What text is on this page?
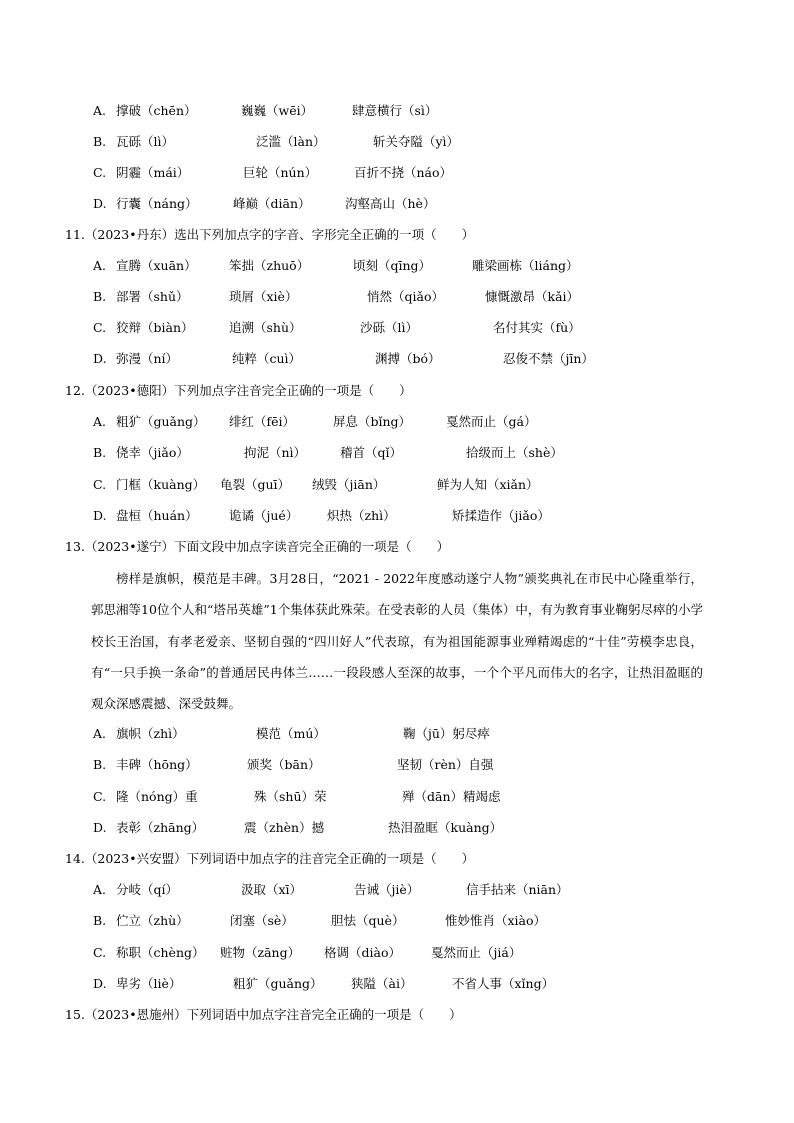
A. 撑破（chēn）	巍巍（wēi）	肆意横行（sì）
B. 瓦砾（lì）	泛滥（làn）	斩关夺隘（yì）
C. 阴霾（mái）	巨轮（nún）	百折不挠（náo）
D. 行囊（náng）	峰巅（diān）	沟壑高山（hè）
11.（2023•丹东）选出下列加点字的字音、字形完全正确的一项（　　）
A. 宣腾（xuān）	笨拙（zhuō）	顷刻（qīng）	雕梁画栋（liáng）
B. 部署（shǔ）	琐屑（xiè）	悄然（qiǎo）	慷慨激昂（kǎi）
C. 狡辩（biàn）	追溯（shù）	沙砾（lì）	名付其实（fù）
D. 弥漫（ní）	纯粹（cuì）	渊搏（bó）	忍俊不禁（jīn）
12.（2023•德阳）下列加点字注音完全正确的一项是（　　）
A. 粗犷（guǎng） 绯红（fēi）	屏息（bǐng）	戛然而止（gá）
B. 侥幸（jiǎo）	拘泥（nì）	稽首（qǐ）	拾级而上（shè）
C. 门框（kuàng） 龟裂（guī） 绒毁（jiān）	鲜为人知（xiǎn）
D. 盘桓（huán）	诡谲（jué） 炽热（zhì）	矫揉造作（jiǎo）
13.（2023•遂宁）下面文段中加点字读音完全正确的一项是（　　）
榜样是旗帜，模范是丰碑。3月28日，“2021 - 2022年度感动遂宁人物”颁奖典礼在市民中心隆重举行，郭思湘等10位个人和“塔吊英雄”1个集体获此殊荣。在受表彰的人员（集体）中，有为教育事业鞠躬尽瘁的小学校长王治国，有孝老爱亲、坚韧自强的“四川好人”代表琼，有为祖国能源事业殚精竭虑的“十佳”劳模李忠良，有“一只手换一条命”的普通居民冉体兰……一段段感人至深的故事，一个个平凡而伟大的名字，让热泪盈眶的观众深感震撼、深受鼓舞。
A. 旗帜（zhì）	模范（mú）	鞠（jū）躬尽瘁
B. 丰碑（hōng）	颁奖（bān）	坚韧（rèn）自强
C. 隆（nóng）重	殊（shū）荣	殚（dān）精竭虑
D. 表彰（zhāng）	震（zhèn）撼	热泪盈眶（kuàng）
14.（2023•兴安盟）下列词语中加点字的注音完全正确的一项是（　　）
A. 分岐（qí）	汲取（xī）	告诫（jiè）	信手拈来（niān）
B. 伫立（zhù）	闭塞（sè）	胆怯（què）	惟妙惟肖（xiào）
C. 称职（chèng） 赃物（zāng） 格调（diào） 戛然而止（jiá）
D. 卑劣（liè）	粗犷（guǎng） 狭隘（ài）	不省人事（xǐng）
15.（2023•恩施州）下列词语中加点字注音完全正确的一项是（　　）
